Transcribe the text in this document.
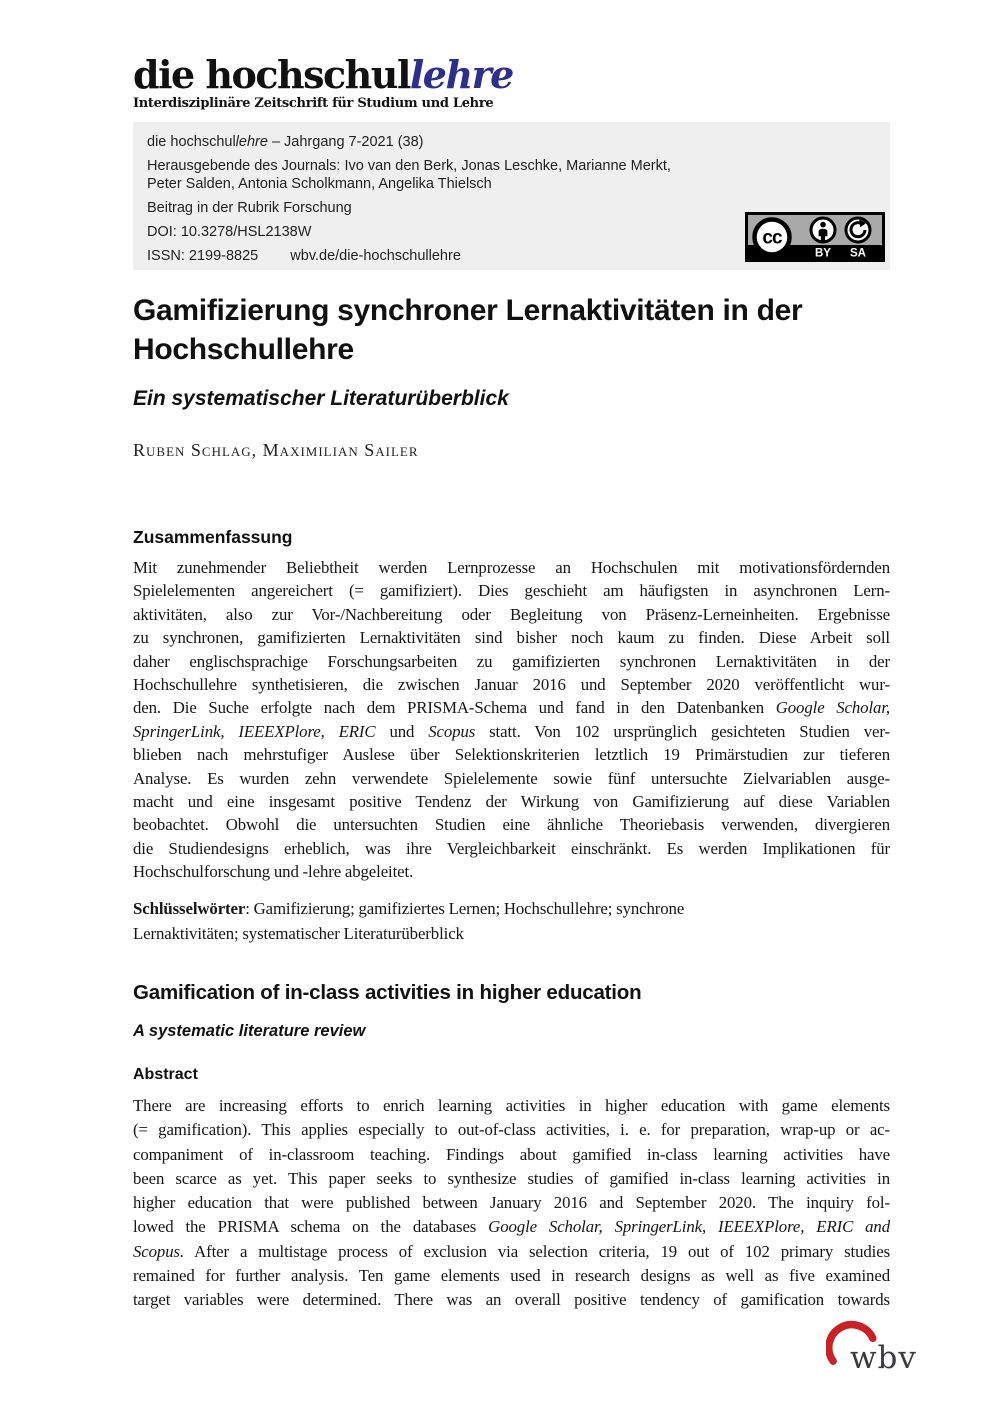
die hochschullehre
Interdisziplinäre Zeitschrift für Studium und Lehre
die hochschullehre – Jahrgang 7-2021 (38)
Herausgebende des Journals: Ivo van den Berk, Jonas Leschke, Marianne Merkt,
Peter Salden, Antonia Scholkmann, Angelika Thielsch
Beitrag in der Rubrik Forschung
DOI: 10.3278/HSL2138W
ISSN: 2199-8825 wbv.de/die-hochschullehre
cc
BY SA
Gamifizierung synchroner Lernaktivitäten in der
Hochschullehre
Ein systematischer Literaturüberblick
Ruben Schlag, Maximilian Sailer
Zusammenfassung
Mit zunehmender Beliebtheit werden Lernprozesse an Hochschulen mit motivationsfördernden
Spielelementen angereichert (= gamifiziert). Dies geschieht am häufigsten in asynchronen Lern-
aktivitäten, also zur Vor-/Nachbereitung oder Begleitung von Präsenz-Lerneinheiten. Ergebnisse
zu synchronen, gamifizierten Lernaktivitäten sind bisher noch kaum zu finden. Diese Arbeit soll
daher englischsprachige Forschungsarbeiten zu gamifizierten synchronen Lernaktivitäten in der
Hochschullehre synthetisieren, die zwischen Januar 2016 und September 2020 veröffentlicht wur-
den. Die Suche erfolgte nach dem PRISMA-Schema und fand in den Datenbanken Google Scholar,
SpringerLink, IEEEXPlore, ERIC und Scopus statt. Von 102 ursprünglich gesichteten Studien ver-
blieben nach mehrstufiger Auslese über Selektionskriterien letztlich 19 Primärstudien zur tieferen
Analyse. Es wurden zehn verwendete Spielelemente sowie fünf untersuchte Zielvariablen ausge-
macht und eine insgesamt positive Tendenz der Wirkung von Gamifizierung auf diese Variablen
beobachtet. Obwohl die untersuchten Studien eine ähnliche Theoriebasis verwenden, divergieren
die Studiendesigns erheblich, was ihre Vergleichbarkeit einschränkt. Es werden Implikationen für
Hochschulforschung und -lehre abgeleitet.
Schlüsselwörter: Gamifizierung; gamifiziertes Lernen; Hochschullehre; synchrone
Lernaktivitäten; systematischer Literaturüberblick
Gamification of in-class activities in higher education
A systematic literature review
Abstract
There are increasing efforts to enrich learning activities in higher education with game elements
(= gamification). This applies especially to out-of-class activities, i. e. for preparation, wrap-up or ac-
companiment of in-classroom teaching. Findings about gamified in-class learning activities have
been scarce as yet. This paper seeks to synthesize studies of gamified in-class learning activities in
higher education that were published between January 2016 and September 2020. The inquiry fol-
lowed the PRISMA schema on the databases Google Scholar, SpringerLink, IEEEXPlore, ERIC and
Scopus. After a multistage process of exclusion via selection criteria, 19 out of 102 primary studies
remained for further analysis. Ten game elements used in research designs as well as five examined
target variables were determined. There was an overall positive tendency of gamification towards
wbv
